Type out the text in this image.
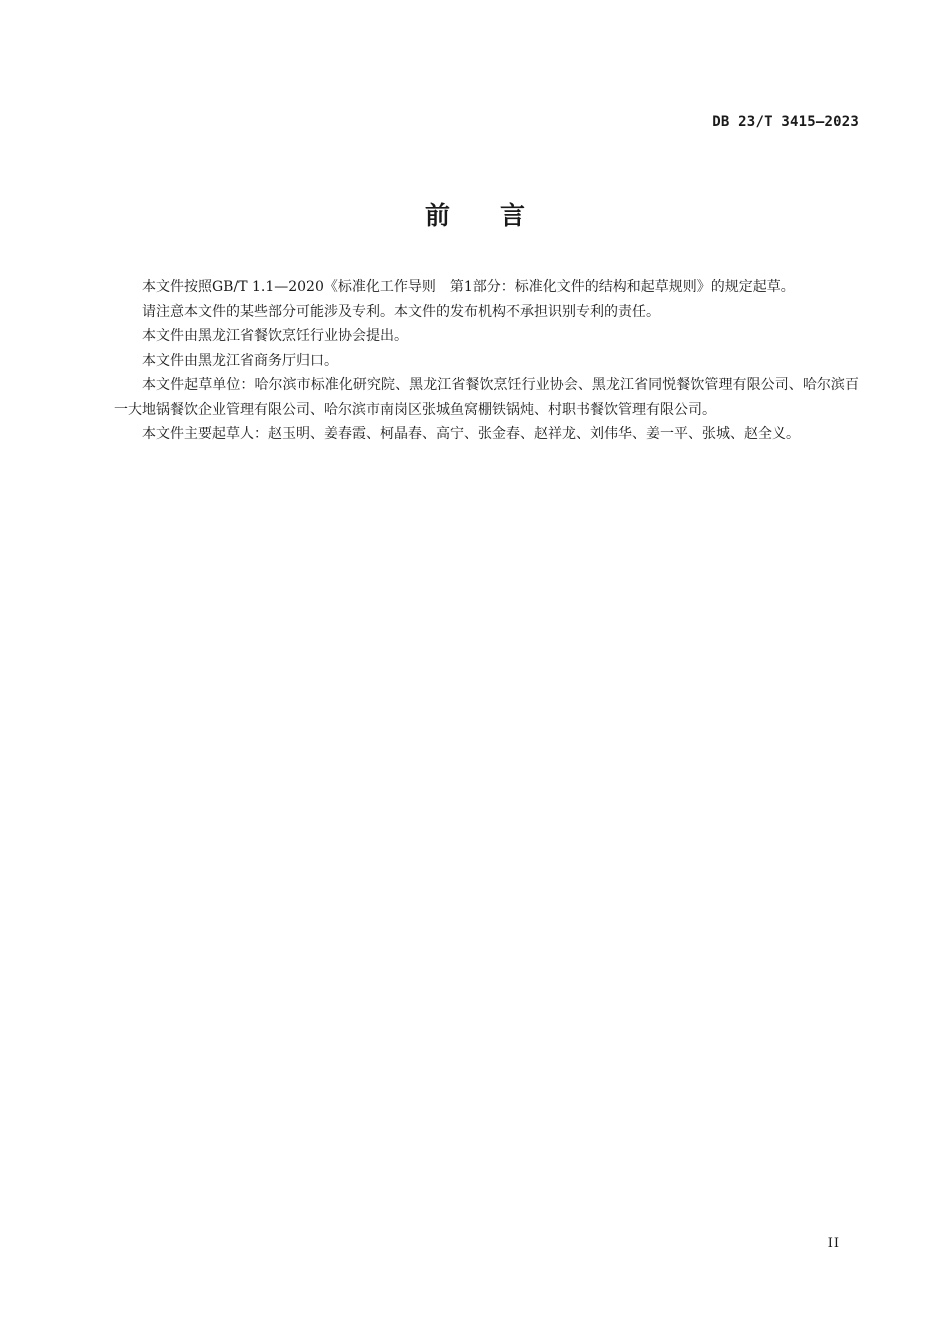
DB 23/T 3415—2023
前言

本文件按照GB/T 1.1—2020《标准化工作导则　第1部分：标准化文件的结构和起草规则》的规定起草。

请注意本文件的某些部分可能涉及专利。本文件的发布机构不承担识别专利的责任。

本文件由黑龙江省餐饮烹饪行业协会提出。

本文件由黑龙江省商务厅归口。

本文件起草单位：哈尔滨市标准化研究院、黑龙江省餐饮烹饪行业协会、黑龙江省同悦餐饮管理有限公司、哈尔滨百一大地锅餐饮企业管理有限公司、哈尔滨市南岗区张城鱼窝棚铁锅炖、村职书餐饮管理有限公司。

本文件主要起草人：赵玉明、姜春霞、柯晶春、高宁、张金春、赵祥龙、刘伟华、姜一平、张城、赵全义。

II
